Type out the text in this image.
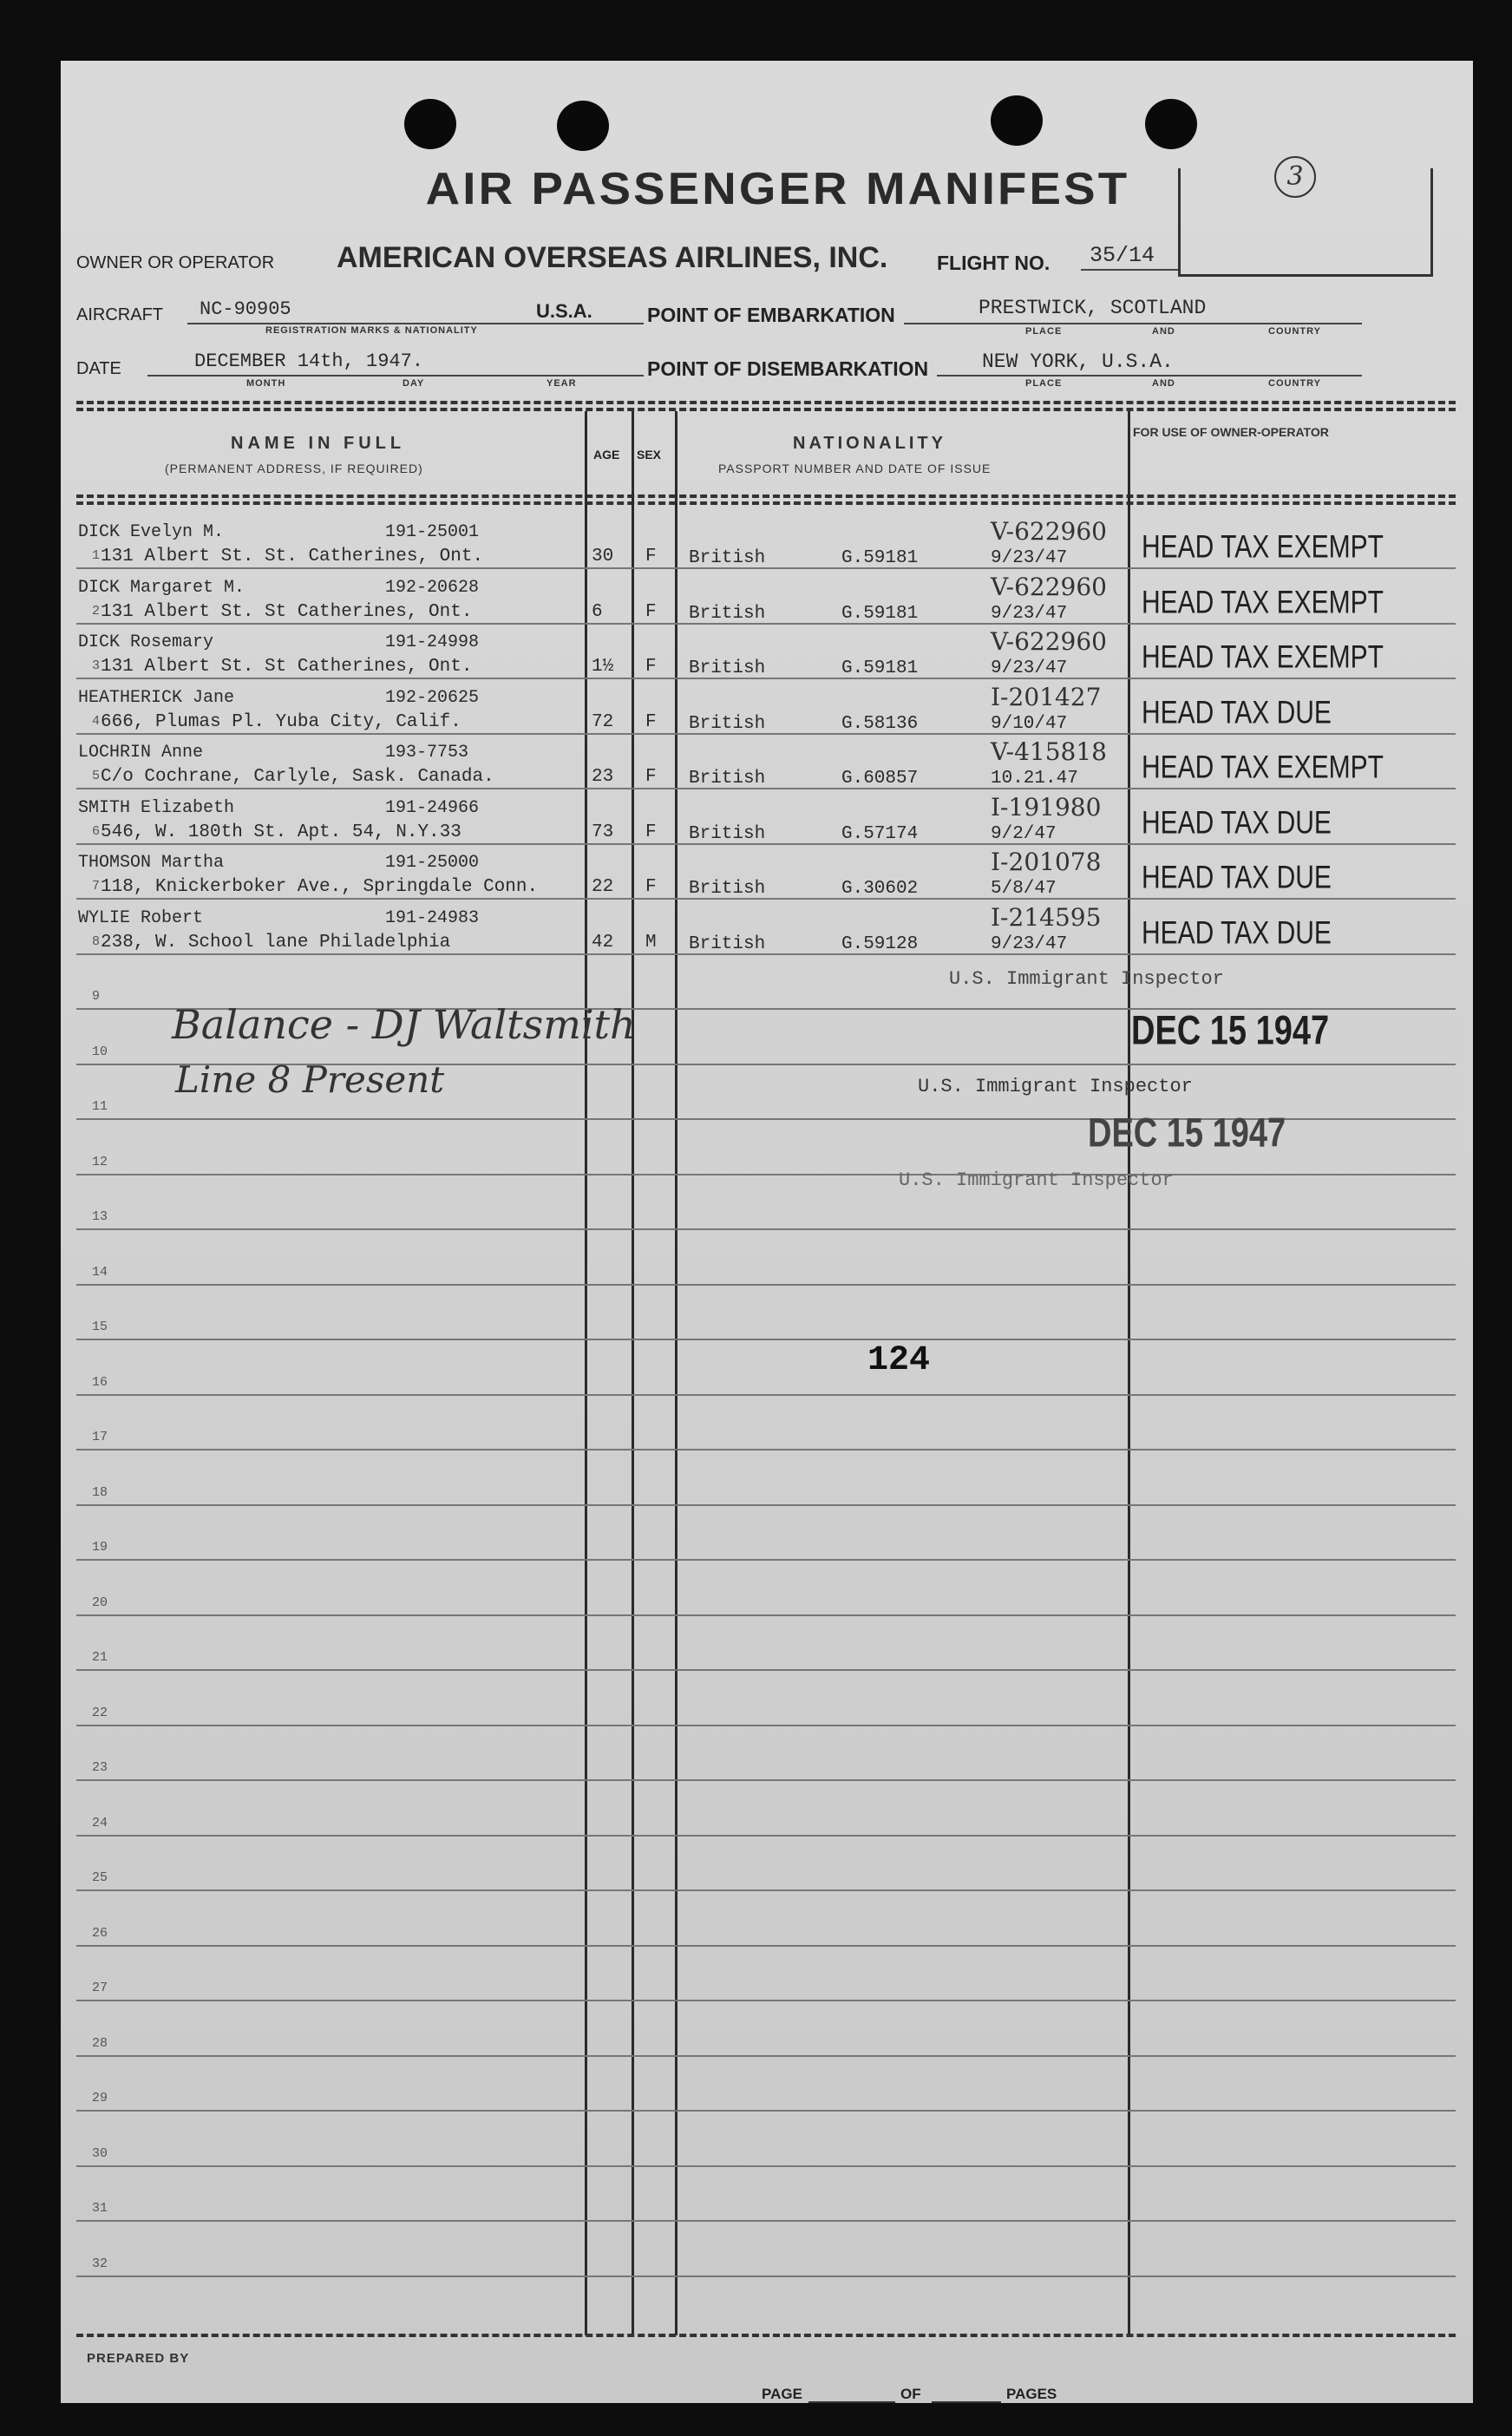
AIR PASSENGER MANIFEST	3
OWNER OR OPERATOR AMERICAN OVERSEAS AIRLINES, INC. FLIGHT NO. 35/14
AIRCRAFT NC-90905	U.S.A.
REGISTRATION MARKS & NATIONALITY
POINT OF EMBARKATION	PRESTWICK, SCOTLAND
PLACE	AND	COUNTRY
DATE	DECEMBER 14th, 1947.
MONTH	DAY	YEAR
POINT OF DISEMBARKATION	NEW YORK, U.S.A.
PLACE	AND	COUNTRY
NAME IN FULL
(PERMANENT ADDRESS, IF REQUIRED)
AGE SEX
NATIONALITY
PASSPORT NUMBER AND DATE OF ISSUE
FOR USE OF OWNER-OPERATOR
1
2
3
4
5
6
7
8
9
10
11
12
13
14
15
16
17
18
19
20
21
22
23
24
25
26
27
28
29
30
31
32
DICK Evelyn M.	191-25001
131 Albert St. St. Catherines, Ont.	30 F British	G.59181	9/23/47
V-622960 HEAD TAX EXEMPT
DICK Margaret M.	192-20628
131 Albert St. St Catherines, Ont.	6 F British	G.59181	9/23/47
V-622960 HEAD TAX EXEMPT
DICK Rosemary	191-24998
131 Albert St. St Catherines, Ont.	1½ F British	G.59181	9/23/47
V-622960 HEAD TAX EXEMPT
HEATHERICK Jane	192-20625
666, Plumas Pl. Yuba City, Calif.	72 F British	G.58136	9/10/47
I-201427 HEAD TAX DUE
LOCHRIN Anne	193-7753
C/o Cochrane, Carlyle, Sask. Canada.	23 F British	G.60857	10.21.47
V-415818 HEAD TAX EXEMPT
SMITH Elizabeth	191-24966
546, W. 180th St. Apt. 54, N.Y.33	73 F British	G.57174	9/2/47
I-191980 HEAD TAX DUE
THOMSON Martha	191-25000
118, Knickerboker Ave., Springdale Conn.	22 F British	G.30602	5/8/47
I-201078 HEAD TAX DUE
WYLIE Robert	191-24983
238, W. School lane Philadelphia	42 M British	G.59128	9/23/47
I-214595 HEAD TAX DUE
U.S. Immigrant Inspector
DEC 15 1947
U.S. Immigrant Inspector
DEC 15 1947
U.S. Immigrant Inspector
Balance - DJ Waltsmith
Line 8 Present
124
PREPARED BY
PAGE	OF	PAGES
